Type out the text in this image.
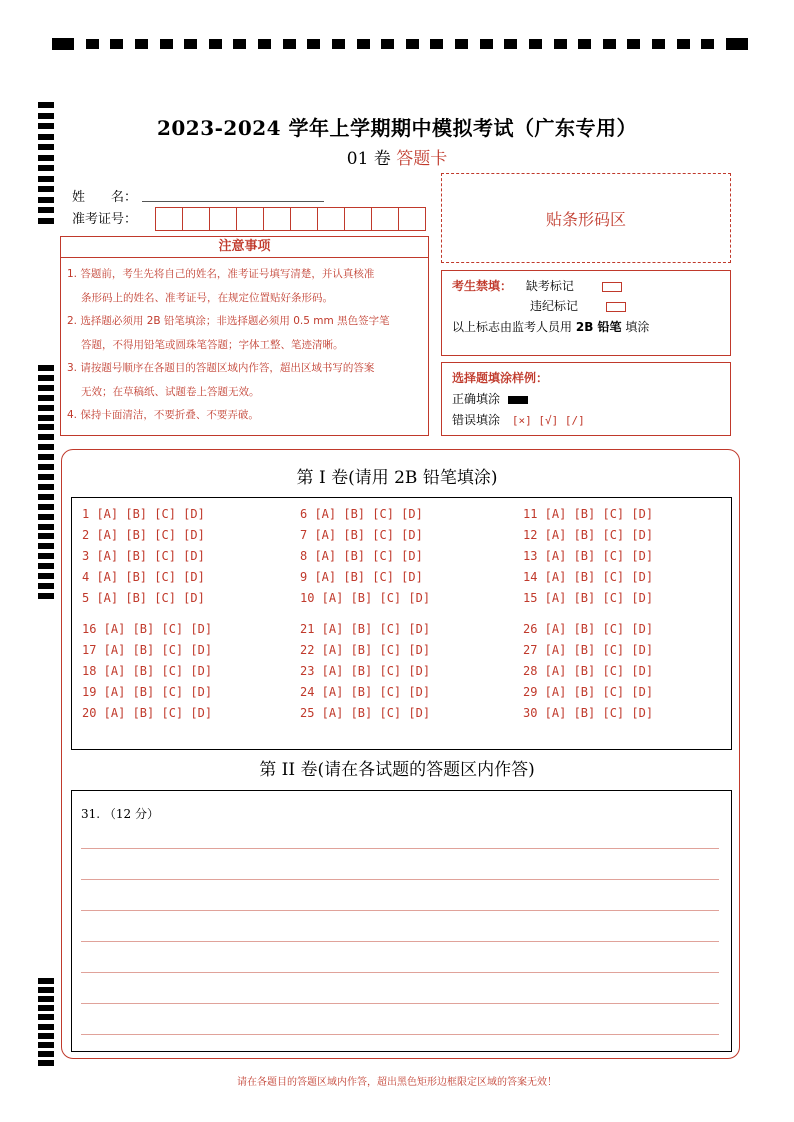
2023-2024 学年上学期期中模拟考试（广东专用）
01 卷 答题卡
姓　　名：
准考证号：	贴条形码区
注意事项
1. 答题前，考生先将自己的姓名，准考证号填写清楚，并认真核准
条形码上的姓名、准考证号，在规定位置贴好条形码。
2. 选择题必须用 2B 铅笔填涂；非选择题必须用 0.5 mm 黑色签字笔
答题，不得用铅笔或圆珠笔答题；字体工整、笔迹清晰。
3. 请按题号顺序在各题目的答题区域内作答，超出区域书写的答案
无效；在草稿纸、试题卷上答题无效。
4. 保持卡面清洁，不要折叠、不要弄破。
考生禁填： 缺考标记
违纪标记
以上标志由监考人员用 2B 铅笔 填涂
选择题填涂样例：
正确填涂
错误填涂 [×] [√] [/]
第 I 卷(请用 2B 铅笔填涂)
1 [A] [B] [C] [D]
2 [A] [B] [C] [D]
3 [A] [B] [C] [D]
4 [A] [B] [C] [D]
5 [A] [B] [C] [D]
6 [A] [B] [C] [D]
7 [A] [B] [C] [D]
8 [A] [B] [C] [D]
9 [A] [B] [C] [D]
10 [A] [B] [C] [D]
11 [A] [B] [C] [D]
12 [A] [B] [C] [D]
13 [A] [B] [C] [D]
14 [A] [B] [C] [D]
15 [A] [B] [C] [D]
16 [A] [B] [C] [D]
17 [A] [B] [C] [D]
18 [A] [B] [C] [D]
19 [A] [B] [C] [D]
20 [A] [B] [C] [D]
21 [A] [B] [C] [D]
22 [A] [B] [C] [D]
23 [A] [B] [C] [D]
24 [A] [B] [C] [D]
25 [A] [B] [C] [D]
26 [A] [B] [C] [D]
27 [A] [B] [C] [D]
28 [A] [B] [C] [D]
29 [A] [B] [C] [D]
30 [A] [B] [C] [D]
第 II 卷(请在各试题的答题区内作答)
31. （12 分）
请在各题目的答题区域内作答，超出黑色矩形边框限定区域的答案无效！
